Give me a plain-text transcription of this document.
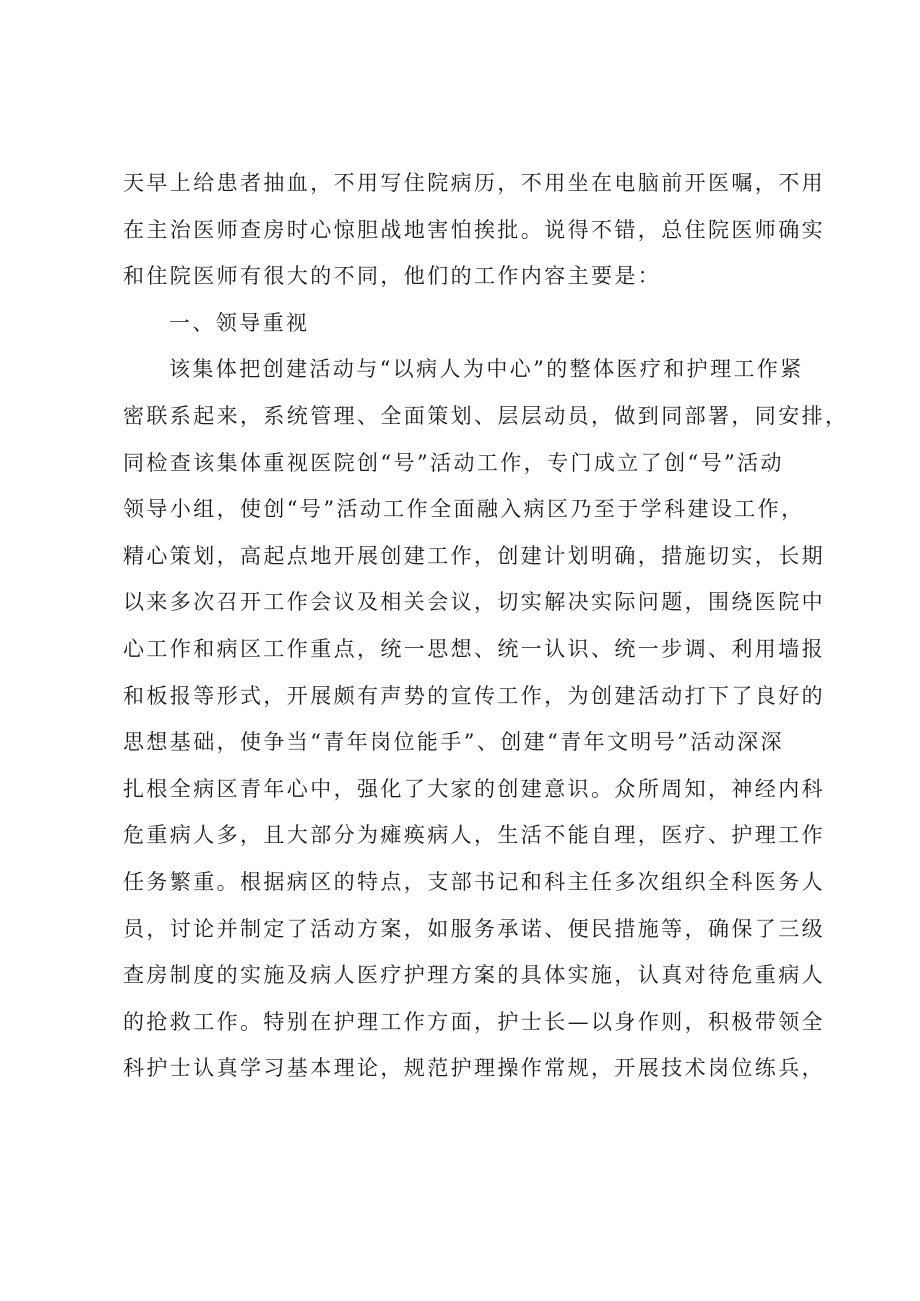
天早上给患者抽血，不用写住院病历，不用坐在电脑前开医嘱，不用
在主治医师查房时心惊胆战地害怕挨批。说得不错，总住院医师确实
和住院医师有很大的不同，他们的工作内容主要是：
一、领导重视
该集体把创建活动与“以病人为中心”的整体医疗和护理工作紧
密联系起来，系统管理、全面策划、层层动员，做到同部署，同安排，
同检查该集体重视医院创“号”活动工作，专门成立了创“号”活动
领导小组，使创“号”活动工作全面融入病区乃至于学科建设工作，
精心策划，高起点地开展创建工作，创建计划明确，措施切实，长期
以来多次召开工作会议及相关会议，切实解决实际问题，围绕医院中
心工作和病区工作重点，统一思想、统一认识、统一步调、利用墙报
和板报等形式，开展颇有声势的宣传工作，为创建活动打下了良好的
思想基础，使争当“青年岗位能手”、创建“青年文明号”活动深深
扎根全病区青年心中，强化了大家的创建意识。众所周知，神经内科
危重病人多，且大部分为瘫痪病人，生活不能自理，医疗、护理工作
任务繁重。根据病区的特点，支部书记和科主任多次组织全科医务人
员，讨论并制定了活动方案，如服务承诺、便民措施等，确保了三级
查房制度的实施及病人医疗护理方案的具体实施，认真对待危重病人
的抢救工作。特别在护理工作方面，护士长—以身作则，积极带领全
科护士认真学习基本理论，规范护理操作常规，开展技术岗位练兵，
